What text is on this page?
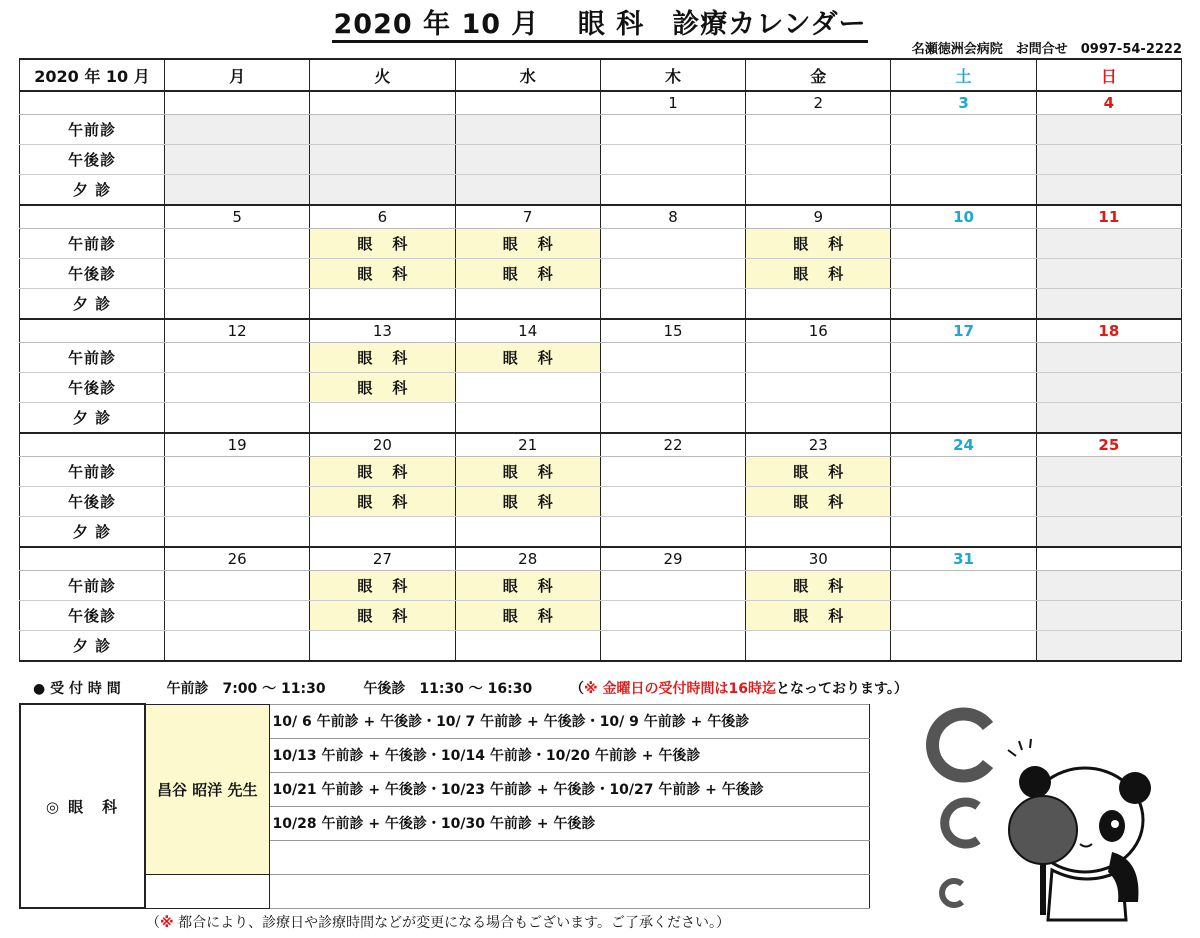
2020 年 10 月　 眼 科　診療カレンダー
名瀬徳洲会病院　お問合せ　0997-54-2222
2020 年 10 月	月	火	水	木	金	土	日
				1	2	3	4
午前診							
午後診							
夕 診							
	5	6	7	8	9	10	11
午前診		眼科	眼科		眼科		
午後診		眼科	眼科		眼科		
夕 診							
	12	13	14	15	16	17	18
午前診		眼科	眼科				
午後診		眼科					
夕 診							
	19	20	21	22	23	24	25
午前診		眼科	眼科		眼科		
午後診		眼科	眼科		眼科		
夕 診							
	26	27	28	29	30	31	
午前診		眼科	眼科		眼科		
午後診		眼科	眼科		眼科		
夕 診							
● 受 付 時 間	午前診　7:00 〜 11:30	午後診　11:30 〜 16:30	（※ 金曜日の受付時間は16時迄となっております。）
◎ 眼　科	昌谷 昭洋 先生	10/ 6 午前診 + 午後診・10/ 7 午前診 + 午後診・10/ 9 午前診 + 午後診
		10/13 午前診 + 午後診・10/14 午前診・10/20 午前診 + 午後診
		10/21 午前診 + 午後診・10/23 午前診 + 午後診・10/27 午前診 + 午後診
		10/28 午前診 + 午後診・10/30 午前診 + 午後診

（※ 都合により、診療日や診療時間などが変更になる場合もございます。ご了承ください。）
